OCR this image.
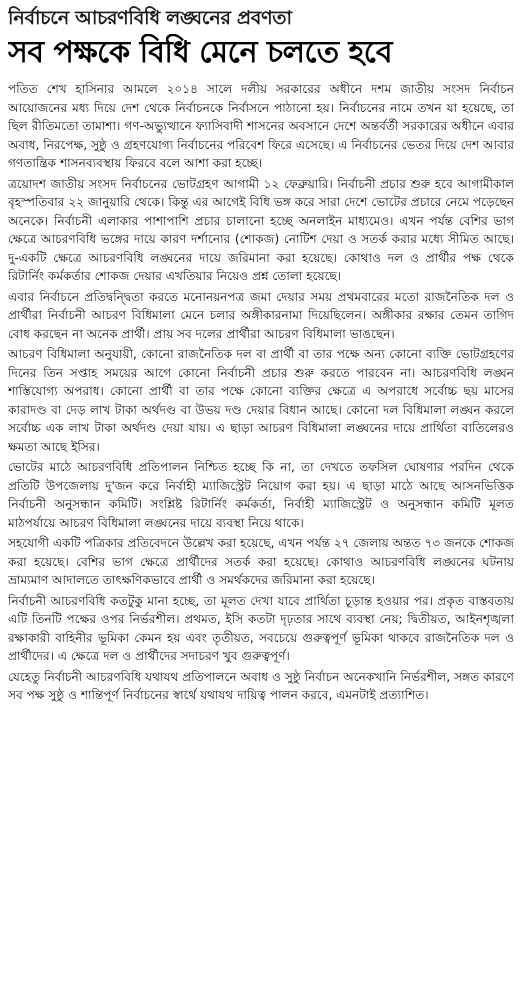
নির্বাচনে আচরণবিধি লঙ্ঘনের প্রবণতা
সব পক্ষকে বিধি মেনে চলতে হবে

পতিত শেখ হাসিনার আমলে ২০১৪ সালে দলীয় সরকারের অধীনে দশম জাতীয় সংসদ নির্বাচন আয়োজনের মধ্য দিয়ে দেশ থেকে নির্বাচনকে নির্বাসনে পাঠানো হয়। নির্বাচনের নামে তখন যা হয়েছে, তা ছিল রীতিমতো তামাশা। গণ-অভ্যুত্থানে ফ্যাসিবাদী শাসনের অবসানে দেশে অন্তর্বর্তী সরকারের অধীনে এবার অবাধ, নিরপেক্ষ, সুষ্ঠু ও গ্রহণযোগ্য নির্বাচনের পরিবেশ ফিরে এসেছে। এ নির্বাচনের ভেতর দিয়ে দেশ আবার গণতান্ত্রিক শাসনব্যবস্থায় ফিরবে বলে আশা করা হচ্ছে।

ত্রয়োদশ জাতীয় সংসদ নির্বাচনের ভোটগ্রহণ আগামী ১২ ফেব্রুয়ারি। নির্বাচনী প্রচার শুরু হবে আগামীকাল বৃহস্পতিবার ২২ জানুয়ারি থেকে। কিন্তু এর আগেই বিধি ভঙ্গ করে সারা দেশে ভোটের প্রচারে নেমে পড়েছেন অনেকে। নির্বাচনী এলাকার পাশাপাশি প্রচার চালানো হচ্ছে অনলাইন মাধ্যমেও। এখন পর্যন্ত বেশির ভাগ ক্ষেত্রে আচরণবিধি ভঙ্গের দায়ে কারণ দর্শানোর (শোকজ) নোটিশ দেয়া ও সতর্ক করার মধ্যে সীমিত আছে। দু-একটি ক্ষেত্রে আচরণবিধি লঙ্ঘনের দায়ে জরিমানা করা হয়েছে। কোথাও দল ও প্রার্থীর পক্ষ থেকে রিটার্নিং কর্মকর্তার শোকজ দেয়ার এখতিয়ার নিয়েও প্রশ্ন তোলা হয়েছে।

এবার নির্বাচনে প্রতিদ্বন্দ্বিতা করতে মনোনয়নপত্র জমা দেয়ার সময় প্রথমবারের মতো রাজনৈতিক দল ও প্রার্থীরা নির্বাচনী আচরণ বিধিমালা মেনে চলার অঙ্গীকারনামা দিয়েছিলেন। অঙ্গীকার রক্ষার তেমন তাগিদ বোধ করছেন না অনেক প্রার্থী। প্রায় সব দলের প্রার্থীরা আচরণ বিধিমালা ভাঙছেন।

আচরণ বিধিমালা অনুযায়ী, কোনো রাজনৈতিক দল বা প্রার্থী বা তার পক্ষে অন্য কোনো ব্যক্তি ভোটগ্রহণের দিনের তিন সপ্তাহ সময়ের আগে কোনো নির্বাচনী প্রচার শুরু করতে পারবেন না। আচরণবিধি লঙ্ঘন শাস্তিযোগ্য অপরাধ। কোনো প্রার্থী বা তার পক্ষে কোনো ব্যক্তির ক্ষেত্রে এ অপরাধে সর্বোচ্চ ছয় মাসের কারাদণ্ড বা দেড় লাখ টাকা অর্থদণ্ড বা উভয় দণ্ড দেয়ার বিধান আছে। কোনো দল বিধিমালা লঙ্ঘন করলে সর্বোচ্চ এক লাখ টাকা অর্থদণ্ড দেয়া যায়। এ ছাড়া আচরণ বিধিমালা লঙ্ঘনের দায়ে প্রার্থিতা বাতিলেরও ক্ষমতা আছে ইসির।

ভোটের মাঠে আচরণবিধি প্রতিপালন নিশ্চিত হচ্ছে কি না, তা দেখতে তফসিল ঘোষণার পরদিন থেকে প্রতিটি উপজেলায় দু'জন করে নির্বাহী ম্যাজিস্ট্রেট নিয়োগ করা হয়। এ ছাড়া মাঠে আছে আসনভিত্তিক নির্বাচনী অনুসন্ধান কমিটি। সংশ্লিষ্ট রিটার্নিং কর্মকর্তা, নির্বাহী ম্যাজিস্ট্রেট ও অনুসন্ধান কমিটি মূলত মাঠপর্যায়ে আচরণ বিধিমালা লঙ্ঘনের দায়ে ব্যবস্থা নিয়ে থাকে।

সহযোগী একটি পত্রিকার প্রতিবেদনে উল্লেখ করা হয়েছে, এখন পর্যন্ত ২৭ জেলায় অন্তত ৭৩ জনকে শোকজ করা হয়েছে। বেশির ভাগ ক্ষেত্রে প্রার্থীদের সতর্ক করা হয়েছে। কোথাও আচরণবিধি লঙ্ঘনের ঘটনায় ভ্রাম্যমাণ আদালতে তাৎক্ষণিকভাবে প্রার্থী ও সমর্থকদের জরিমানা করা হয়েছে।

নির্বাচনী আচরণবিধি কতটুকু মানা হচ্ছে, তা মূলত দেখা যাবে প্রার্থিতা চূড়ান্ত হওয়ার পর। প্রকৃত বাস্তবতায় এটি তিনটি পক্ষের ওপর নির্ভরশীল। প্রথমত, ইসি কতটা দৃঢ়তার সাথে ব্যবস্থা নেয়; দ্বিতীয়ত, আইনশৃঙ্খলা রক্ষাকারী বাহিনীর ভূমিকা কেমন হয় এবং তৃতীয়ত, সবচেয়ে গুরুত্বপূর্ণ ভূমিকা থাকবে রাজনৈতিক দল ও প্রার্থীদের। এ ক্ষেত্রে দল ও প্রার্থীদের সদাচরণ খুব গুরুত্বপূর্ণ।

যেহেতু নির্বাচনী আচরণবিধি যথাযথ প্রতিপালনে অবাধ ও সুষ্ঠু নির্বাচন অনেকখানি নির্ভরশীল, সঙ্গত কারণে সব পক্ষ সুষ্ঠু ও শান্তিপূর্ণ নির্বাচনের স্বার্থে যথাযথ দায়িত্ব পালন করবে, এমনটাই প্রত্যাশিত।
